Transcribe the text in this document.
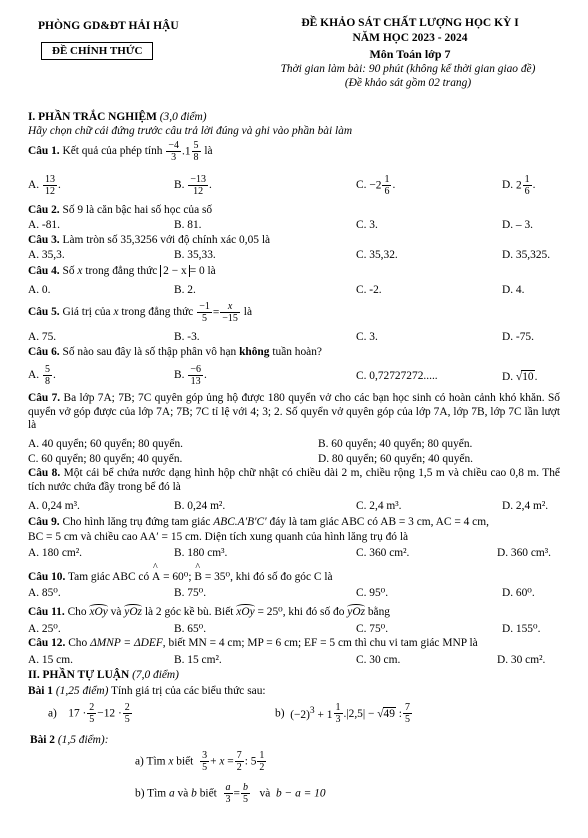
PHÒNG GD&ĐT HẢI HẬU
ĐỀ CHÍNH THỨC
ĐỀ KHẢO SÁT CHẤT LƯỢNG HỌC KỲ I
NĂM HỌC 2023 - 2024
Môn Toán lớp 7
Thời gian làm bài: 90 phút (không kể thời gian giao đề)
(Đề khảo sát gồm 02 trang)
I. PHẦN TRẮC NGHIỆM (3,0 điểm)
Hãy chọn chữ cái đứng trước câu trả lời đúng và ghi vào phần bài làm
Câu 1. Kết quả của phép tính $\frac{-4}{3} .1 \frac{5}{8}$ là
A. $\frac{13}{12}$ .	B. $\frac{-13}{12}$ .	C. $-2 \frac{1}{6}$ .	D. $2 \frac{1}{6}$ .
Câu 2. Số 9 là căn bậc hai số học của số
A. -81.	B. 81.	C. 3.	D. – 3.
Câu 3. Làm tròn số 35,3256 với độ chính xác 0,05 là
A. 35,3.	B. 35,33.	C. 35,32.	D. 35,325.
Câu 4. Số x trong đẳng thức 2 − x = 0 là
A. 0.	B. 2.	C. -2.	D. 4.
Câu 5. Giá trị của x trong đẳng thức $\frac{-1}{5} = \frac{x}{-15}$ là
A. 75.	B. -3.	C. 3.	D. -75.
Câu 6. Số nào sau đây là số thập phân vô hạn không tuần hoàn?
A. $\frac{5}{8}$ .	B. $\frac{-6}{13}$ .	C. 0,72727272.....	D. √10.
Câu 7. Ba lớp 7A; 7B; 7C quyên góp ủng hộ được 180 quyển vở cho các bạn học sinh có hoàn cảnh khó khăn. Số quyển vở góp được của lớp 7A; 7B; 7C tỉ lệ với 4; 3; 2. Số quyển vở quyên góp của lớp 7A, lớp 7B, lớp 7C lần lượt là
A. 40 quyển; 60 quyển; 80 quyển.	B. 60 quyển; 40 quyển; 80 quyển.
C. 60 quyển; 80 quyển; 40 quyển.	D. 80 quyển; 60 quyển; 40 quyển.
Câu 8. Một cái bể chứa nước dạng hình hộp chữ nhật có chiều dài 2 m, chiều rộng 1,5 m và chiều cao 0,8 m. Thể tích nước chứa đầy trong bể đó là
A. 0,24 m³.	B. 0,24 m².	C. 2,4 m³.	D. 2,4 m².
Câu 9. Cho hình lăng trụ đứng tam giác ABC.A′B′C′ đáy là tam giác ABC có AB = 3 cm, AC = 4 cm,
BC = 5 cm và chiều cao AA′ = 15 cm. Diện tích xung quanh của hình lăng trụ đó là
A. 180 cm².	B. 180 cm³.	C. 360 cm².	D. 360 cm³.
Câu 10. Tam giác ABC có ^ A = 60⁰; ^ B = 35⁰, khi đó số đo góc C là
A. 85⁰.	B. 75⁰.	C. 95⁰.	D. 60⁰.
Câu 11. Cho xOy và yOz là 2 góc kề bù. Biết xOy = 25⁰, khi đó số đo yOz bằng
A. 25⁰.	B. 65⁰.	C. 75⁰.	D. 155⁰.
Câu 12. Cho ΔMNP = ΔDEF, biết MN = 4 cm; MP = 6 cm; EF = 5 cm thì chu vi tam giác MNP là
A. 15 cm.	B. 15 cm².	C. 30 cm.	D. 30 cm².
II. PHẦN TỰ LUẬN (7,0 điểm)
Bài 1 (1,25 điểm) Tính giá trị của các biểu thức sau:
a) $17 \cdot \frac{2}{5} -12 \cdot \frac{2}{5}$	b) $(-2)^3 + 1 \frac{1}{3} .|2,5| - √49$ : $\frac{7}{5}$
Bài 2 (1,5 điểm):
a) Tìm x biết $\frac{3}{5} + x = \frac{7}{2}$ : $5 \frac{1}{2}$
b) Tìm a và b biết $\frac{a}{3} = \frac{b}{5}$ và b − a = 10
